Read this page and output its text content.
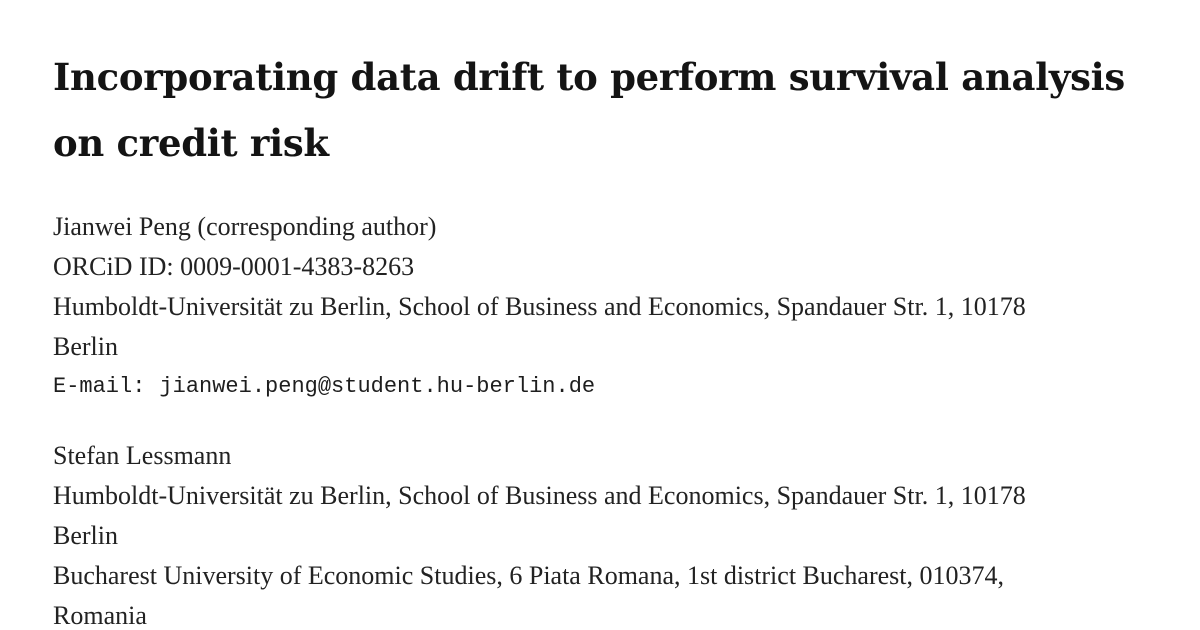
Incorporating data drift to perform survival analysis on credit risk
Jianwei Peng (corresponding author)
ORCiD ID: 0009-0001-4383-8263
Humboldt-Universität zu Berlin, School of Business and Economics, Spandauer Str. 1, 10178
Berlin
E-mail: jianwei.peng@student.hu-berlin.de
Stefan Lessmann
Humboldt-Universität zu Berlin, School of Business and Economics, Spandauer Str. 1, 10178
Berlin
Bucharest University of Economic Studies, 6 Piata Romana, 1st district Bucharest, 010374,
Romania
